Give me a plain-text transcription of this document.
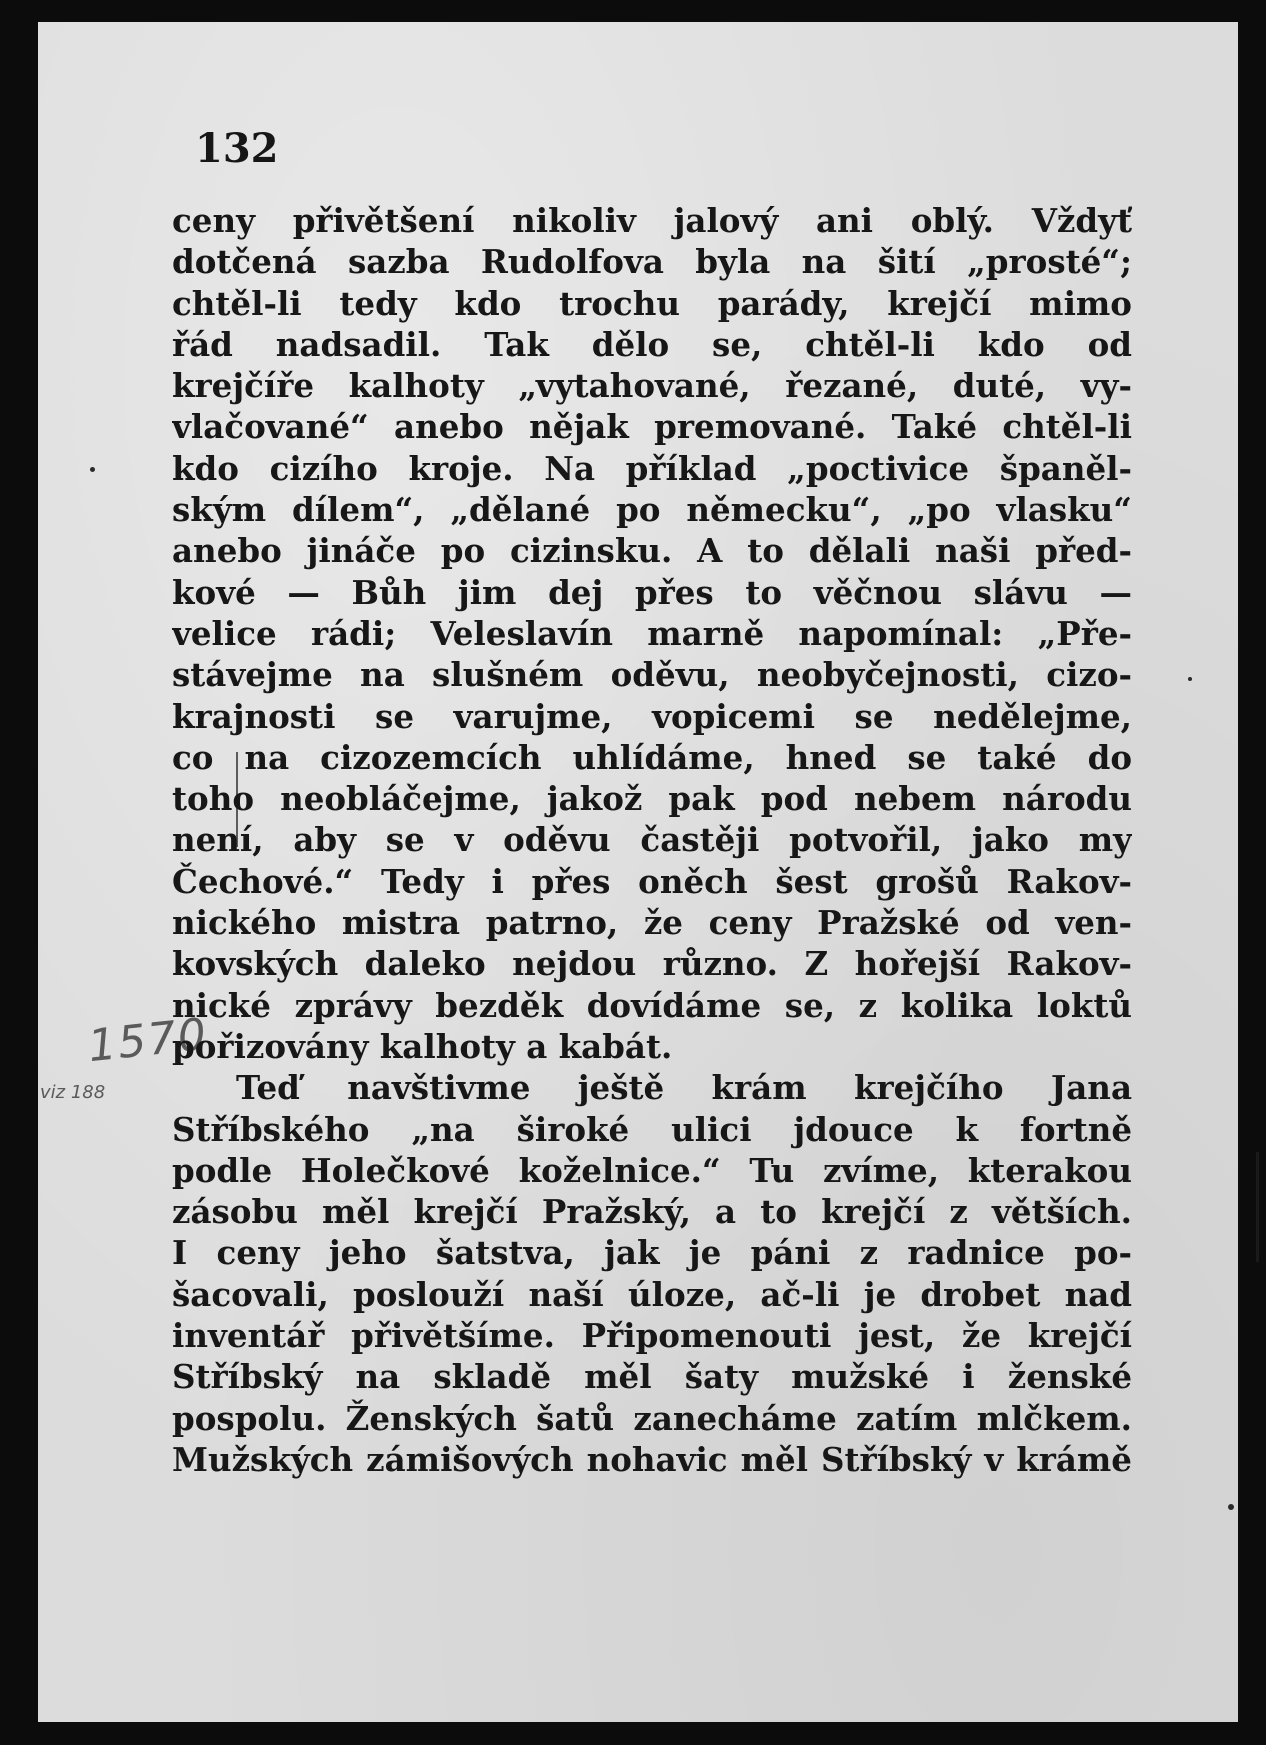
132

1570

viz 188

ceny přivětšení nikoliv jalový ani oblý. Vždyť
dotčená sazba Rudolfova byla na šití „prosté“;
chtěl-li tedy kdo trochu parády, krejčí mimo
řád nadsadil. Tak dělo se, chtěl-li kdo od
krejčíře kalhoty „vytahované, řezané, duté, vy-
vlačované“ anebo nějak premované. Také chtěl-li
kdo cizího kroje. Na příklad „poctivice španěl-
ským dílem“, „dělané po německu“, „po vlasku“
anebo jináče po cizinsku. A to dělali naši před-
kové — Bůh jim dej přes to věčnou slávu —
velice rádi; Veleslavín marně napomínal: „Pře-
stávejme na slušném oděvu, neobyčejnosti, cizo-
krajnosti se varujme, vopicemi se nedělejme,
co na cizozemcích uhlídáme, hned se také do
toho neobláčejme, jakož pak pod nebem národu
není, aby se v oděvu častěji potvořil, jako my
Čechové.“ Tedy i přes oněch šest grošů Rakov-
nického mistra patrno, že ceny Pražské od ven-
kovských daleko nejdou různo. Z hořejší Rakov-
nické zprávy bezděk dovídáme se, z kolika loktů
pořizovány kalhoty a kabát.
Teď navštivme ještě krám krejčího Jana
Stříbského „na široké ulici jdouce k fortně
podle Holečkové koželnice.“ Tu zvíme, kterakou
zásobu měl krejčí Pražský, a to krejčí z větších.
I ceny jeho šatstva, jak je páni z radnice po-
šacovali, poslouží naší úloze, ač-li je drobet nad
inventář přivětšíme. Připomenouti jest, že krejčí
Stříbský na skladě měl šaty mužské i ženské
pospolu. Ženských šatů zanecháme zatím mlčkem.
Mužských zámišových nohavic měl Stříbský v krámě
